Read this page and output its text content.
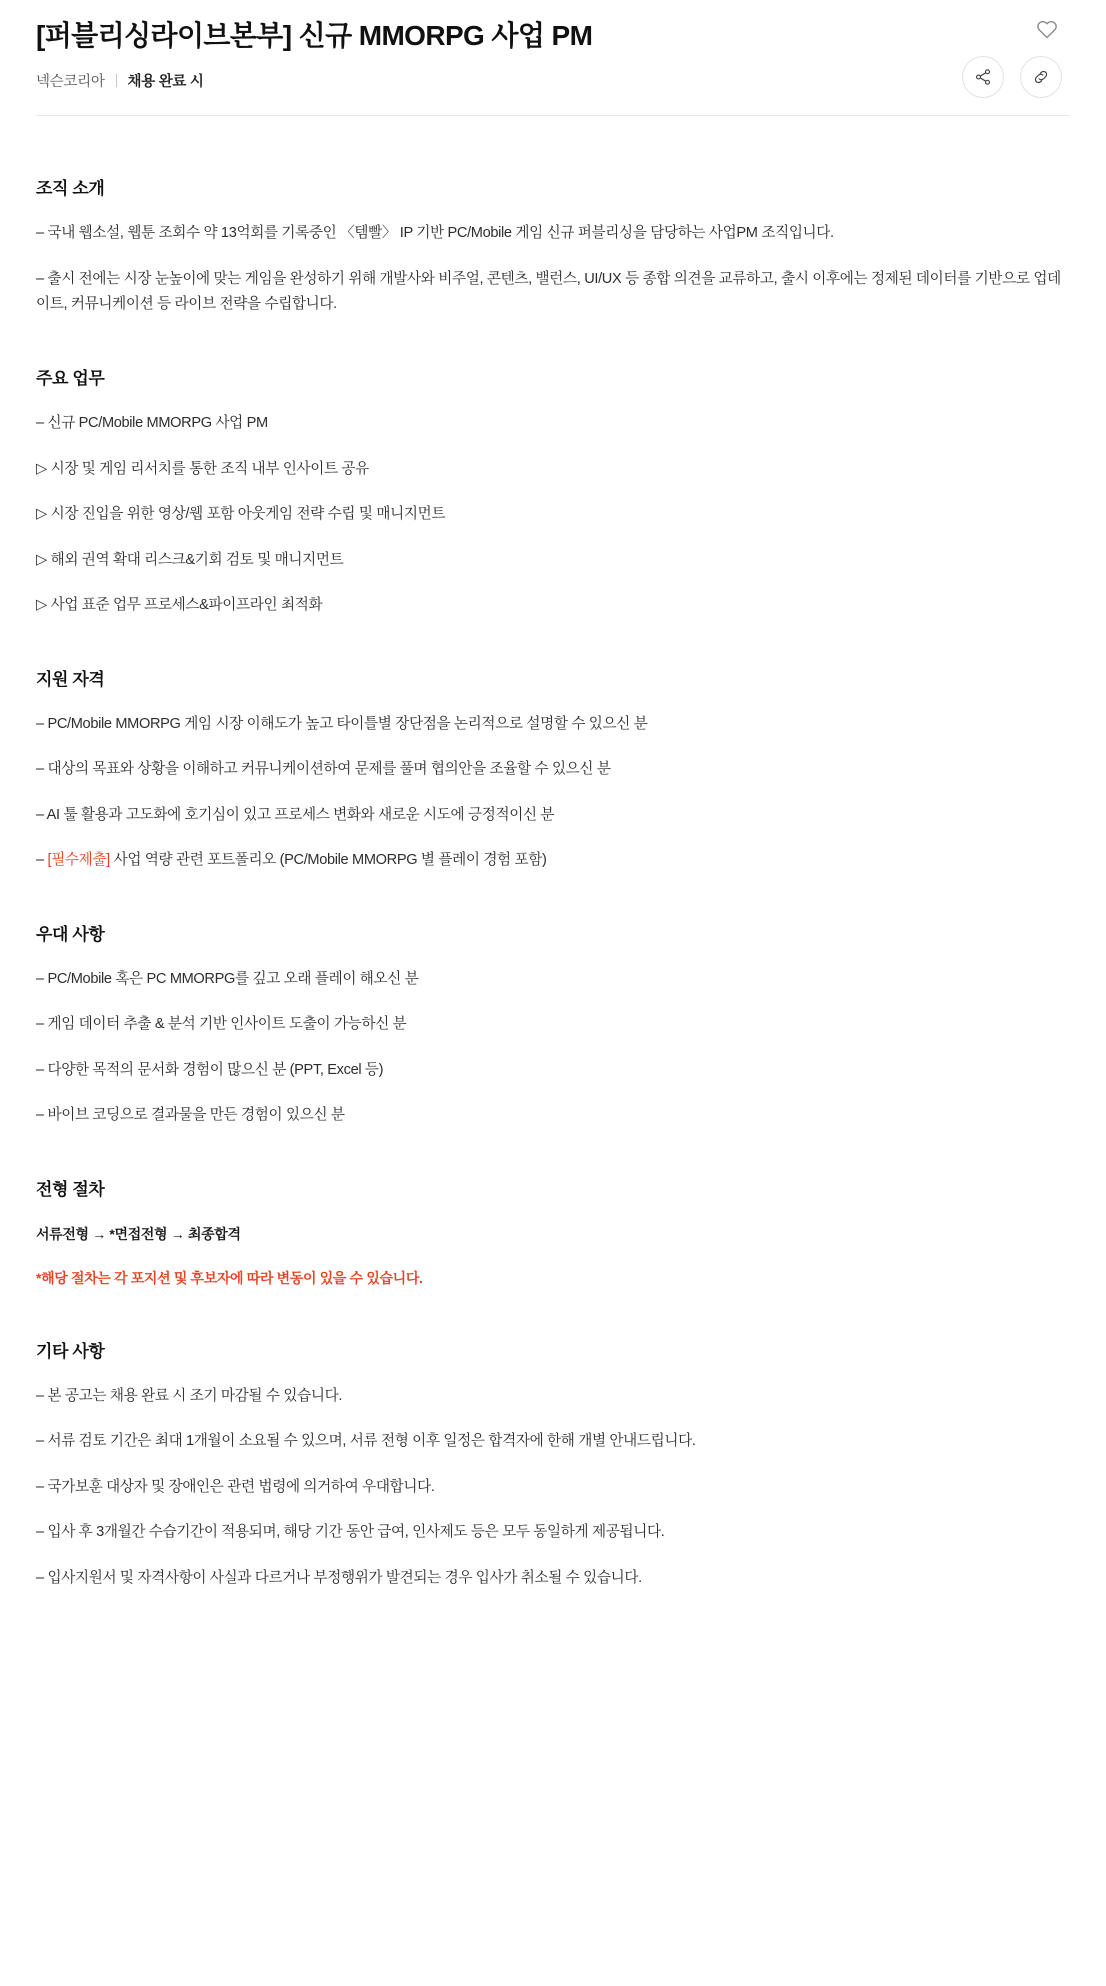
[퍼블리싱라이브본부] 신규 MMORPG 사업 PM
넥슨코리아 채용 완료 시
조직 소개

– 국내 웹소설, 웹툰 조회수 약 13억회를 기록중인 〈템빨〉 IP 기반 PC/Mobile 게임 신규 퍼블리싱을 담당하는 사업PM 조직입니다.

– 출시 전에는 시장 눈높이에 맞는 게임을 완성하기 위해 개발사와 비주얼, 콘텐츠, 밸런스, UI/UX 등 종합 의견을 교류하고, 출시 이후에는 정제된 데이터를 기반으로 업데이트, 커뮤니케이션 등 라이브 전략을 수립합니다.

주요 업무

– 신규 PC/Mobile MMORPG 사업 PM

▷ 시장 및 게임 리서치를 통한 조직 내부 인사이트 공유

▷ 시장 진입을 위한 영상/웹 포함 아웃게임 전략 수립 및 매니지먼트

▷ 해외 권역 확대 리스크&기회 검토 및 매니지먼트

▷ 사업 표준 업무 프로세스&파이프라인 최적화

지원 자격

– PC/Mobile MMORPG 게임 시장 이해도가 높고 타이틀별 장단점을 논리적으로 설명할 수 있으신 분

– 대상의 목표와 상황을 이해하고 커뮤니케이션하여 문제를 풀며 협의안을 조율할 수 있으신 분

– AI 툴 활용과 고도화에 호기심이 있고 프로세스 변화와 새로운 시도에 긍정적이신 분

– [필수제출] 사업 역량 관련 포트폴리오 (PC/Mobile MMORPG 별 플레이 경험 포함)

우대 사항

– PC/Mobile 혹은 PC MMORPG를 깊고 오래 플레이 해오신 분

– 게임 데이터 추출 & 분석 기반 인사이트 도출이 가능하신 분

– 다양한 목적의 문서화 경험이 많으신 분 (PPT, Excel 등)

– 바이브 코딩으로 결과물을 만든 경험이 있으신 분

전형 절차

서류전형 → *면접전형 → 최종합격

*해당 절차는 각 포지션 및 후보자에 따라 변동이 있을 수 있습니다.

기타 사항

– 본 공고는 채용 완료 시 조기 마감될 수 있습니다.

– 서류 검토 기간은 최대 1개월이 소요될 수 있으며, 서류 전형 이후 일정은 합격자에 한해 개별 안내드립니다.

– 국가보훈 대상자 및 장애인은 관련 법령에 의거하여 우대합니다.

– 입사 후 3개월간 수습기간이 적용되며, 해당 기간 동안 급여, 인사제도 등은 모두 동일하게 제공됩니다.

– 입사지원서 및 자격사항이 사실과 다르거나 부정행위가 발견되는 경우 입사가 취소될 수 있습니다.
